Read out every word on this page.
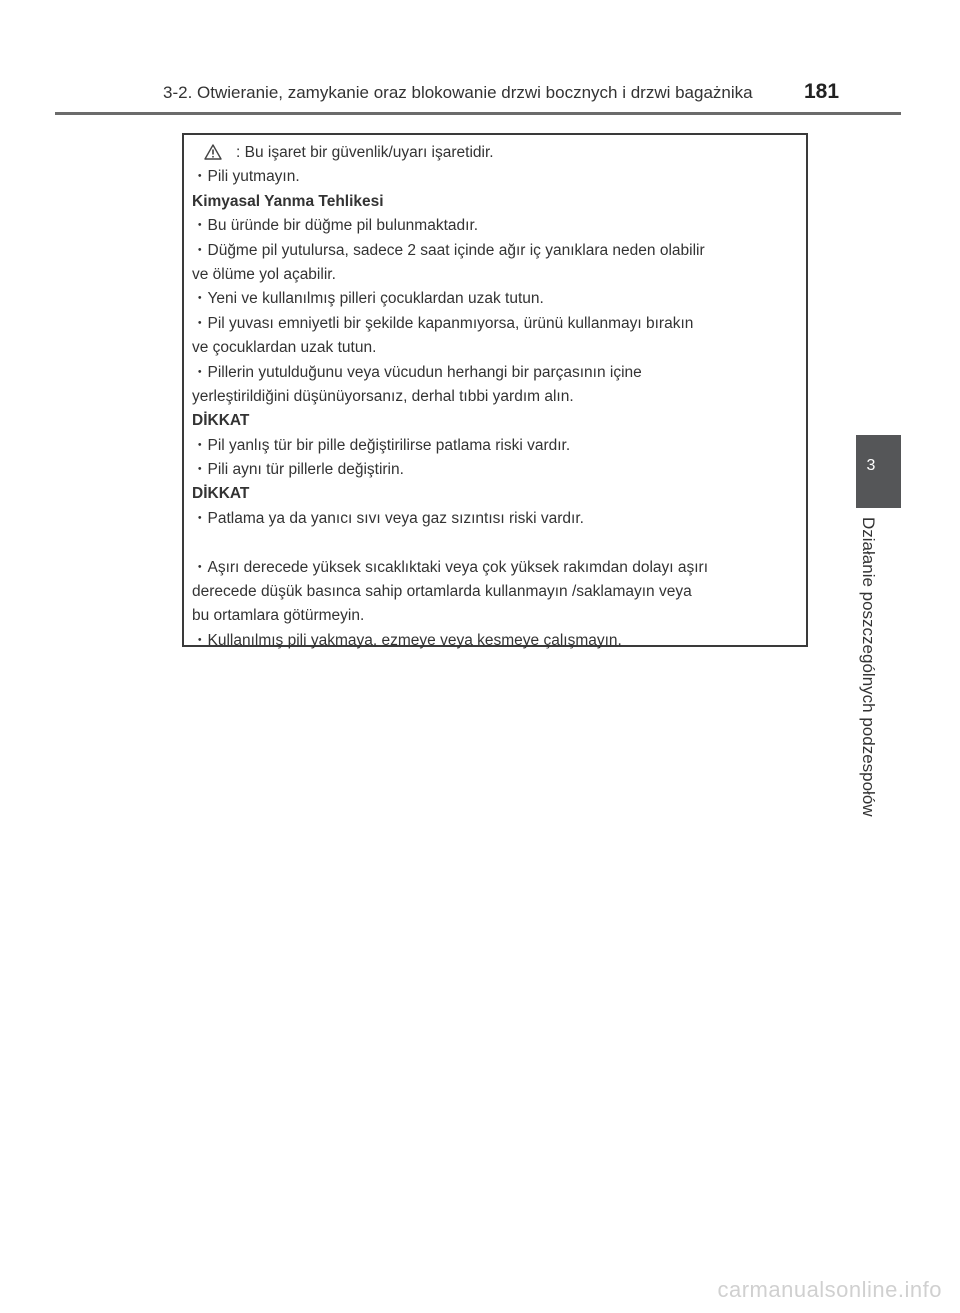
3-2. Otwieranie, zamykanie oraz blokowanie drzwi bocznych i drzwi bagażnika 181
3
Działanie poszczególnych podzespołów
: Bu işaret bir güvenlik/uyarı işaretidir.
・Pili yutmayın.
Kimyasal Yanma Tehlikesi
・Bu üründe bir düğme pil bulunmaktadır.
・Düğme pil yutulursa, sadece 2 saat içinde ağır iç yanıklara neden olabilir
ve ölüme yol açabilir.
・Yeni ve kullanılmış pilleri çocuklardan uzak tutun.
・Pil yuvası emniyetli bir şekilde kapanmıyorsa, ürünü kullanmayı bırakın
ve çocuklardan uzak tutun.
・Pillerin yutulduğunu veya vücudun herhangi bir parçasının içine
yerleştirildiğini düşünüyorsanız, derhal tıbbi yardım alın.
DİKKAT
・Pil yanlış tür bir pille değiştirilirse patlama riski vardır.
・Pili aynı tür pillerle değiştirin.
DİKKAT
・Patlama ya da yanıcı sıvı veya gaz sızıntısı riski vardır.
・Aşırı derecede yüksek sıcaklıktaki veya çok yüksek rakımdan dolayı aşırı
derecede düşük basınca sahip ortamlarda kullanmayın /saklamayın veya
bu ortamlara götürmeyin.
・Kullanılmış pili yakmaya, ezmeye veya kesmeye çalışmayın.
carmanualsonline.info
